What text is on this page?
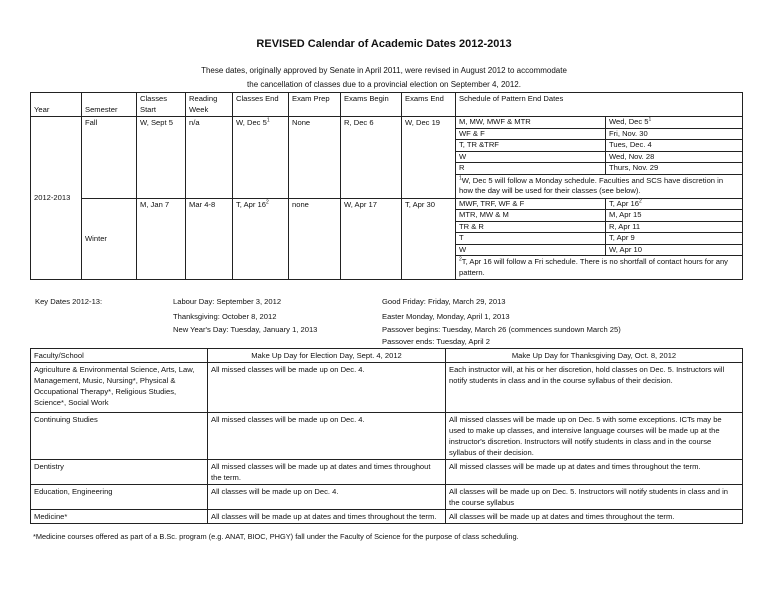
REVISED Calendar of Academic Dates 2012-2013
These dates, originally approved by Senate in April 2011, were revised in August 2012 to accommodate
the cancellation of classes due to a provincial election on September 4, 2012.
Year	Semester	Classes Start	Reading Week	Classes End	Exam Prep	Exams Begin	Exams End	Schedule of Pattern End Dates	
2012-2013	Fall	W, Sept 5	n/a	W, Dec $5^1$	None	R, Dec 6	W, Dec 19	M, MW, MWF & MTR	Wed, Dec $5^1$
								WF & F	Fri, Nov. 30
								T, TR &TRF	Tues, Dec. 4
								W	Wed, Nov. 28
								R	Thurs, Nov. 29
								$^1$W, Dec 5 will follow a Monday schedule. Faculties and SCS have discretion in how the day will be used for their classes (see below).	

	Winter	M, Jan 7	Mar 4-8	T, Apr $16^2$	none	W, Apr 17	T, Apr 30	MWF, TRF, WF & F	T, Apr $16^2$
								MTR, MW & M	M, Apr 15
								TR & R	R, Apr 11
								T	T, Apr 9
								W	W, Apr 10
								$^2$T, Apr 16 will follow a Fri schedule. There is no shortfall of contact hours for any pattern.	

Key Dates 2012-13:	Labour Day: September 3, 2012
Thanksgiving: October 8, 2012
New Year's Day: Tuesday, January 1, 2013
Good Friday: Friday, March 29, 2013
Easter Monday, Monday, April 1, 2013
Passover begins: Tuesday, March 26 (commences sundown March 25)
Passover ends: Tuesday, April 2
Faculty/School	Make Up Day for Election Day, Sept. 4, 2012	Make Up Day for Thanksgiving Day, Oct. 8, 2012
Agriculture & Environmental Science, Arts, Law, Management, Music, Nursing*, Physical & Occupational Therapy*, Religious Studies, Science*, Social Work	All missed classes will be made up on Dec. 4.	Each instructor will, at his or her discretion, hold classes on Dec. 5. Instructors will notify students in class and in the course syllabus of their decision.
Continuing Studies	All missed classes will be made up on Dec. 4.	All missed classes will be made up on Dec. 5 with some exceptions. ICTs may be used to make up classes, and intensive language courses will be made up at the instructor's discretion. Instructors will notify students in class and in the course syllabus of their decision.
Dentistry	All missed classes will be made up at dates and times throughout the term.	All missed classes will be made up at dates and times throughout the term.
Education, Engineering	All classes will be made up on Dec. 4.	All classes will be made up on Dec. 5. Instructors will notify students in class and in the course syllabus
Medicine*	All classes will be made up at dates and times throughout the term.	All classes will be made up at dates and times throughout the term.
*Medicine courses offered as part of a B.Sc. program (e.g. ANAT, BIOC, PHGY) fall under the Faculty of Science for the purpose of class scheduling.
